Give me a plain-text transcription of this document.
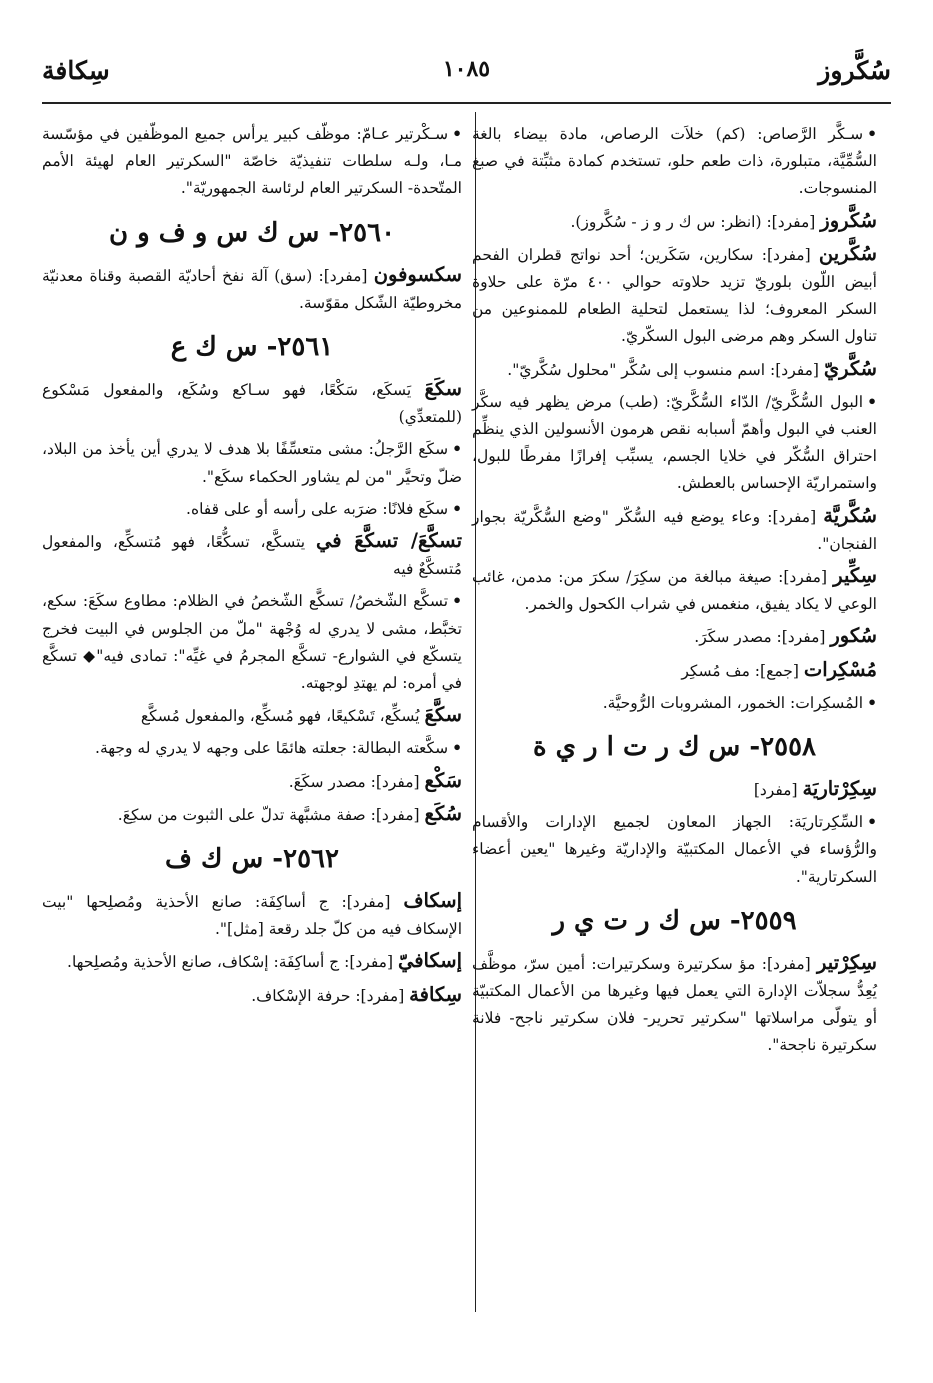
سُكَّروز
١٠٨٥
سِكافة
•سـكَّر الرَّصاص: (كم) خلاَت الرصاص، مادة بيضاء بالغة السُّمِّيَّة، متبلورة، ذات طعم حلو، تستخدم كمادة مثبِّتة في صبغ المنسوجات.
سُكَّروز [مفرد]: (انظر: س ك ر و ز - سُكَّروز).
سُكَّرين [مفرد]: سكارين، سَكَرين؛ أحد نواتج قطران الفحم أبيض اللّون بلوريّ تزيد حلاوته حوالي ٤٠٠ مرّة على حلاوة السكر المعروف؛ لذا يستعمل لتحلية الطعام للممنوعين من تناول السكر وهم مرضى البول السكّريّ.
سُكَّريّ [مفرد]: اسم منسوب إلى سُكَّر "محلول سُكَّريّ".
•البول السُّكَّريّ/ الدّاء السُّكَّريّ: (طب) مرض يظهر فيه سكَّر العنب في البول وأهمّ أسبابه نقص هرمون الأنسولين الذي ينظِّم احتراق السُّكّر في خلايا الجسم، يسبِّب إفرازًا مفرطًا للبول، واستمراريّة الإحساس بالعطش.
سُكَّريَّة [مفرد]: وعاء يوضع فيه السُّكّر "وضع السُّكَّريّة بجوار الفنجان".
سِكِّير [مفرد]: صيغة مبالغة من سكِرَ/ سكرَ من: مدمن، غائب الوعي لا يكاد يفيق، منغمس في شراب الكحول والخمر.
سُكور [مفرد]: مصدر سكَرَ.
مُسْكِرات [جمع]: مف مُسكِر
•المُسكِرات: الخمور، المشروبات الرُّوحيَّة.
٢٥٥٨- س ك ر ت ا ر ي ة
سِكِرْتاريَة [مفرد]
•السِّكِرتاريَة: الجهاز المعاون لجميع الإدارات والأقسام والرُّؤساء في الأعمال المكتبيّة والإداريّة وغيرها "يعين أعضاء السكرتارية".
٢٥٥٩- س ك ر ت ي ر
سِكِرْتير [مفرد]: مؤ سكرتيرة وسكرتيرات: أمين سرّ، موظَّف يُعِدُّ سجلاّت الإدارة التي يعمل فيها وغيرها من الأعمال المكتبيّة أو يتولّى مراسلاتها "سكرتير تحرير- فلان سكرتير ناجح- فلانة سكرتيرة ناجحة".
•سـكْرتير عـامّ: موظّف كبير يرأس جميع الموظّفين في مؤسّسة مـا، ولـه سلطات تنفيذيّة خاصّة "السكرتير العام لهيئة الأمم المتّحدة- السكرتير العام لرئاسة الجمهوريّة".
٢٥٦٠- س ك س و ف و ن
سكسوفون [مفرد]: (سق) آلة نفخ أحاديّة القصبة وقناة معدنيّة مخروطيّة الشّكل مقوّسة.
٢٥٦١- س ك ع
سكَعَ يَسكَع، سَكْعًا، فهو سـاكع وسُكَع، والمفعول مَسْكوع (للمتعدِّي)
•سكَع الرَّجلُ: مشى متعسِّفًا بلا هدف لا يدري أين يأخذ من البلاد، ضلّ وتحيَّر "من لم يشاور الحكماء سكَع".
•سكَع فلانًا: ضرَبه على رأسه أو على قفاه.
تسكَّعَ/ تسكَّعَ في يتسكَّع، تسكُّعًا، فهو مُتسكِّع، والمفعول مُتسكَّعٌ فيه
•تسكَّع الشّخصُ/ تسكَّع الشّخصُ في الظلام: مطاوع سكَعَ: سكع، تخبَّط، مشى لا يدري له وُجْهة "ملّ من الجلوس في البيت فخرج يتسكّع في الشوارع- تسكَّع المجرمُ في غيِّه": تمادى فيه"◆ تسكَّع في أمره: لم يهتدِ لوجهته.
سكَّعَ يُسكِّع، تَسْكيعًا، فهو مُسكِّع، والمفعول مُسكَّع
•سكَّعته البطالة: جعلته هائمًا على وجهه لا يدري له وجهة.
سَكْع [مفرد]: مصدر سكَعَ.
سُكَع [مفرد]: صفة مشبَّهة تدلّ على الثبوت من سكِعَ.
٢٥٦٢- س ك ف
إسكاف [مفرد]: ج أساكِفَة: صانع الأحذية ومُصلِحها "بيت الإسكاف فيه من كلّ جلد رقعة [مثل]".
إسكافيّ [مفرد]: ج أساكِفَة: إسْكاف، صانع الأحذية ومُصلِحها.
سِكافة [مفرد]: حرفة الإسْكاف.
